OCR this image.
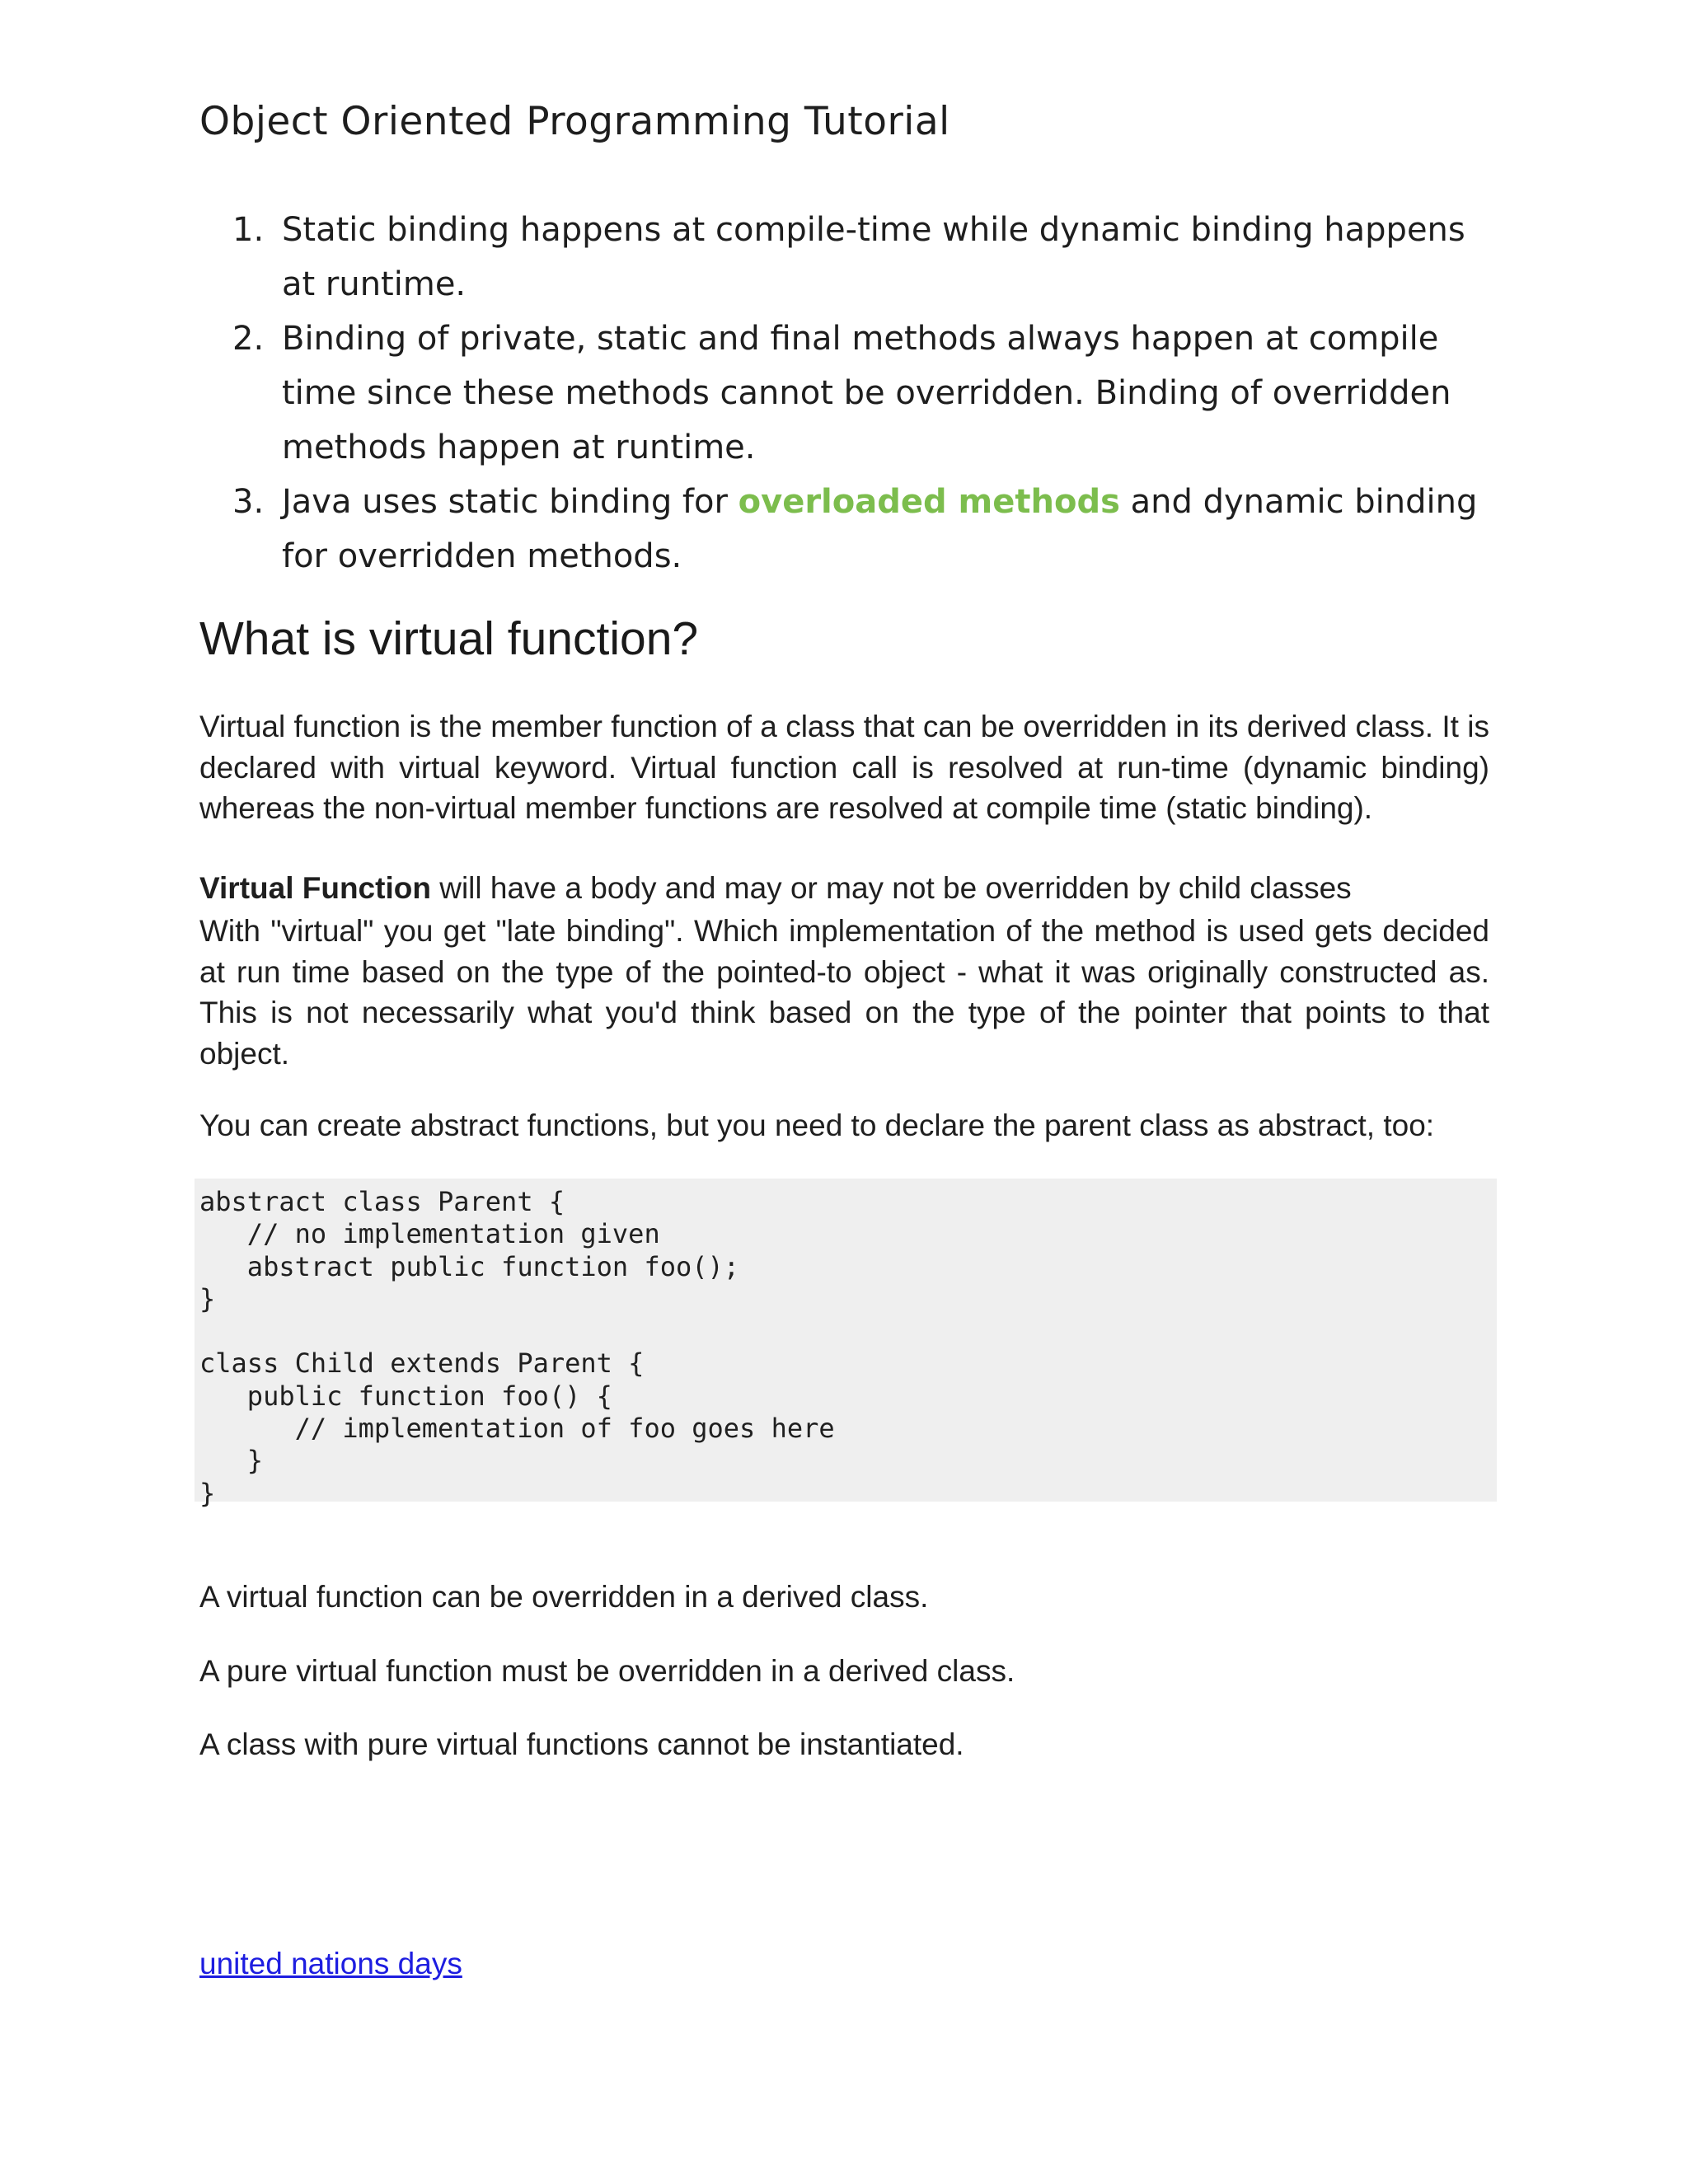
Object Oriented Programming Tutorial
1. Static binding happens at compile-time while dynamic binding happens at runtime.
2. Binding of private, static and final methods always happen at compile time since these methods cannot be overridden. Binding of overridden methods happen at runtime.
3. Java uses static binding for overloaded methods and dynamic binding for overridden methods.
What is virtual function?

Virtual function is the member function of a class that can be overridden in its derived class. It is declared with virtual keyword. Virtual function call is resolved at run-time (dynamic binding) whereas the non-virtual member functions are resolved at compile time (static binding).

Virtual Function will have a body and may or may not be overridden by child classes

With "virtual" you get "late binding". Which implementation of the method is used gets decided at run time based on the type of the pointed-to object - what it was originally constructed as. This is not necessarily what you'd think based on the type of the pointer that points to that object.

You can create abstract functions, but you need to declare the parent class as abstract, too:

abstract class Parent {
// no implementation given
abstract public function foo();
}

class Child extends Parent {
public function foo() {
// implementation of foo goes here
}
}

A virtual function can be overridden in a derived class.

A pure virtual function must be overridden in a derived class.

A class with pure virtual functions cannot be instantiated.

united nations days
